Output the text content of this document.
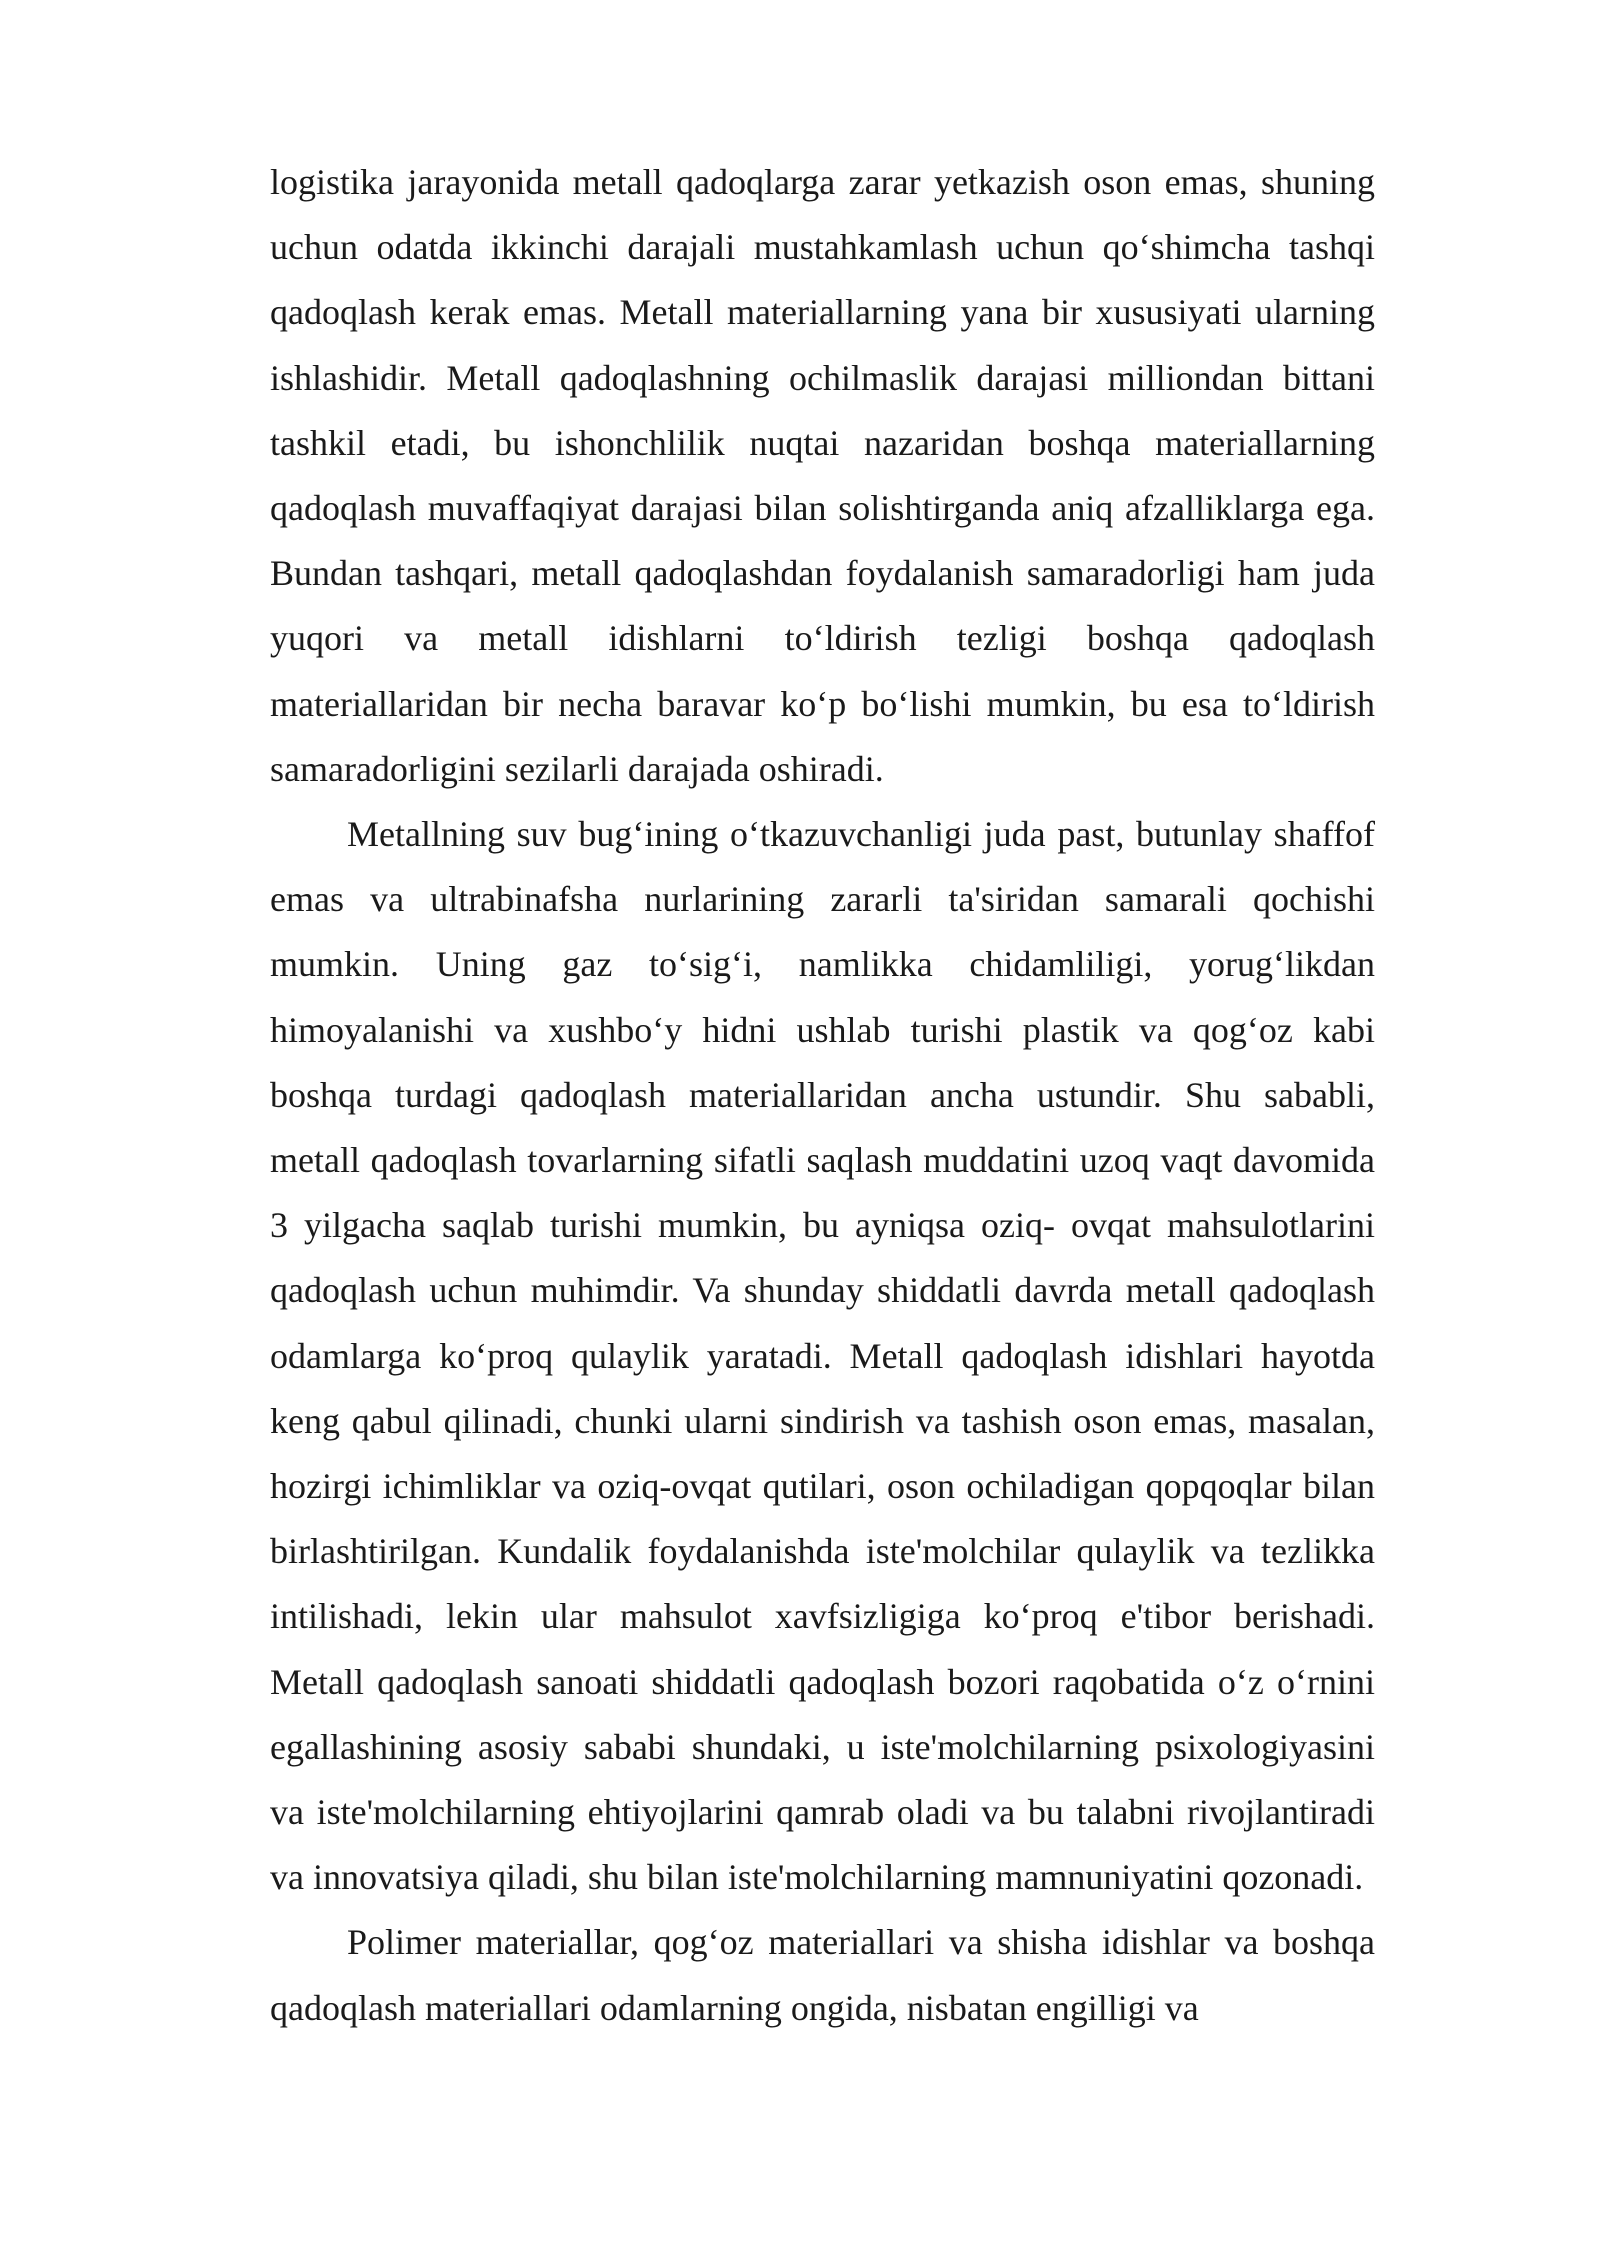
logistika jarayonida metall qadoqlarga zarar yetkazish oson emas, shuning uchun odatda ikkinchi darajali mustahkamlash uchun qoʻshimcha tashqi qadoqlash kerak emas. Metall materiallarning yana bir xususiyati ularning ishlashidir. Metall qadoqlashning ochilmaslik darajasi milliondan bittani tashkil etadi, bu ishonchlilik nuqtai nazaridan boshqa materiallarning qadoqlash muvaffaqiyat darajasi bilan solishtirganda aniq afzalliklarga ega. Bundan tashqari, metall qadoqlashdan foydalanish samaradorligi ham juda yuqori va metall idishlarni toʻldirish tezligi boshqa qadoqlash materiallaridan bir necha baravar koʻp boʻlishi mumkin, bu esa toʻldirish samaradorligini sezilarli darajada oshiradi.

Metallning suv bugʻining oʻtkazuvchanligi juda past, butunlay shaffof emas va ultrabinafsha nurlarining zararli ta'siridan samarali qochishi mumkin. Uning gaz toʻsigʻi, namlikka chidamliligi, yorugʻlikdan himoyalanishi va xushboʻy hidni ushlab turishi plastik va qogʻoz kabi boshqa turdagi qadoqlash materiallaridan ancha ustundir. Shu sababli, metall qadoqlash tovarlarning sifatli saqlash muddatini uzoq vaqt davomida 3 yilgacha saqlab turishi mumkin, bu ayniqsa oziq- ovqat mahsulotlarini qadoqlash uchun muhimdir. Va shunday shiddatli davrda metall qadoqlash odamlarga koʻproq qulaylik yaratadi. Metall qadoqlash idishlari hayotda keng qabul qilinadi, chunki ularni sindirish va tashish oson emas, masalan, hozirgi ichimliklar va oziq-ovqat qutilari, oson ochiladigan qopqoqlar bilan birlashtirilgan. Kundalik foydalanishda iste'molchilar qulaylik va tezlikka intilishadi, lekin ular mahsulot xavfsizligiga koʻproq e'tibor berishadi. Metall qadoqlash sanoati shiddatli qadoqlash bozori raqobatida oʻz oʻrnini egallashining asosiy sababi shundaki, u iste'molchilarning psixologiyasini va iste'molchilarning ehtiyojlarini qamrab oladi va bu talabni rivojlantiradi va innovatsiya qiladi, shu bilan iste'molchilarning mamnuniyatini qozonadi.

Polimer materiallar, qogʻoz materiallari va shisha idishlar va boshqa qadoqlash materiallari odamlarning ongida, nisbatan engilligi va
